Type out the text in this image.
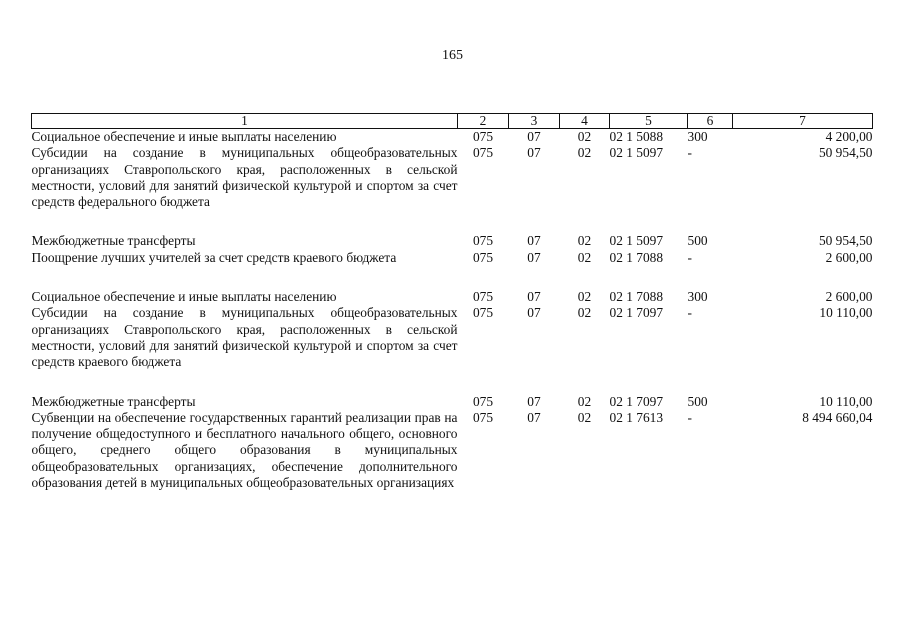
165
1	2	3	4	5	6	7
Социальное обеспечение и иные выплаты населению	075	07	02	02 1 5088	300	4 200,00
Субсидии на создание в муниципальных общеобразовательных организациях Ставропольского края, расположенных в сельской местности, условий для занятий физической культурой и спортом за счет средств федерального бюджета	075	07	02	02 1 5097	-	50 954,50

Межбюджетные трансферты	075	07	02	02 1 5097	500	50 954,50
Поощрение лучших учителей за счет средств краевого бюджета	075	07	02	02 1 7088	-	2 600,00

Социальное обеспечение и иные выплаты населению	075	07	02	02 1 7088	300	2 600,00
Субсидии на создание в муниципальных общеобразовательных организациях Ставропольского края, расположенных в сельской местности, условий для занятий физической культурой и спортом за счет средств краевого бюджета	075	07	02	02 1 7097	-	10 110,00

Межбюджетные трансферты	075	07	02	02 1 7097	500	10 110,00
Субвенции на обеспечение государственных гарантий реализации прав на получение общедоступного и бесплатного начального общего, основного общего, среднего общего образования в муниципальных общеобразовательных организациях, обеспечение дополнительного образования детей в муниципальных общеобразовательных организациях	075	07	02	02 1 7613	-	8 494 660,04
